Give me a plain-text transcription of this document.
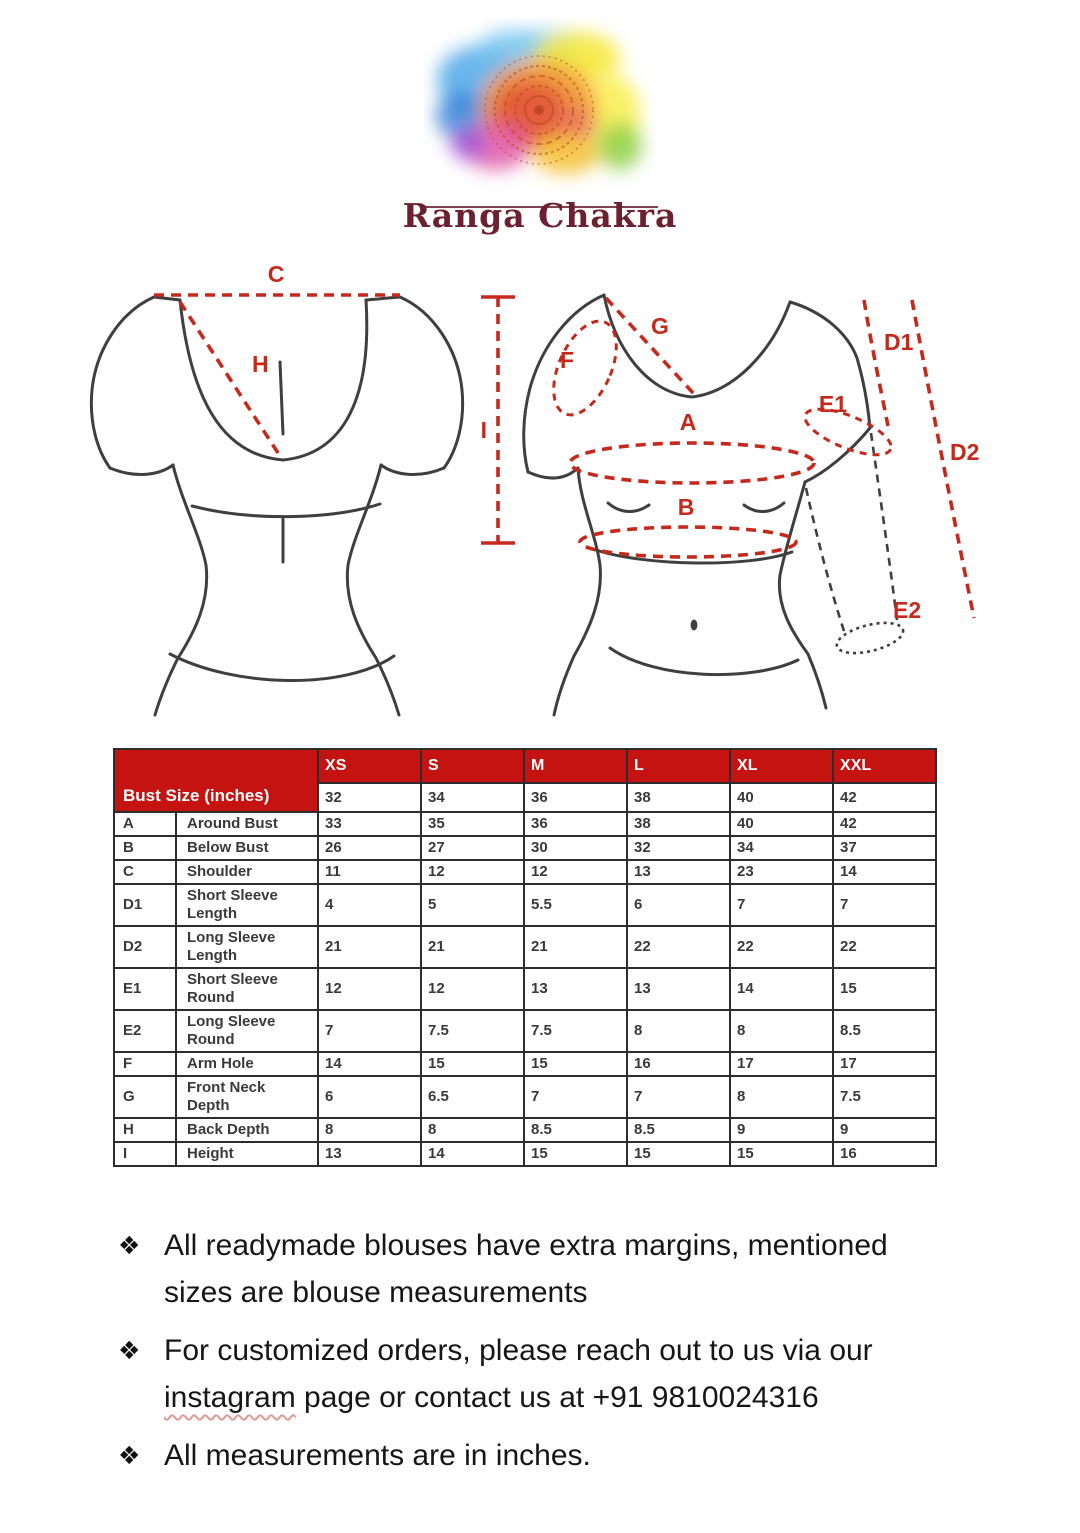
Ranga Chakra
I
C
H
G
F
A
B
E1
E2
D1
D2
Bust Size (inches)		XS	S	M	L	XL	XXL
		32	34	36	38	40	42
A	Around Bust	33	35	36	38	40	42
B	Below Bust	26	27	30	32	34	37
C	Shoulder	11	12	12	13	23	14
D1	Short Sleeve Length	4	5	5.5	6	7	7
D2	Long Sleeve Length	21	21	21	22	22	22
E1	Short Sleeve Round	12	12	13	13	14	15
E2	Long Sleeve Round	7	7.5	7.5	8	8	8.5
F	Arm Hole	14	15	15	16	17	17
G	Front Neck Depth	6	6.5	7	7	8	7.5
H	Back Depth	8	8	8.5	8.5	9	9
I	Height	13	14	15	15	15	16
❖ All readymade blouses have extra margins, mentioned sizes are blouse measurements
❖ For customized orders, please reach out to us via our instagram page or contact us at +91 9810024316
❖ All measurements are in inches.
